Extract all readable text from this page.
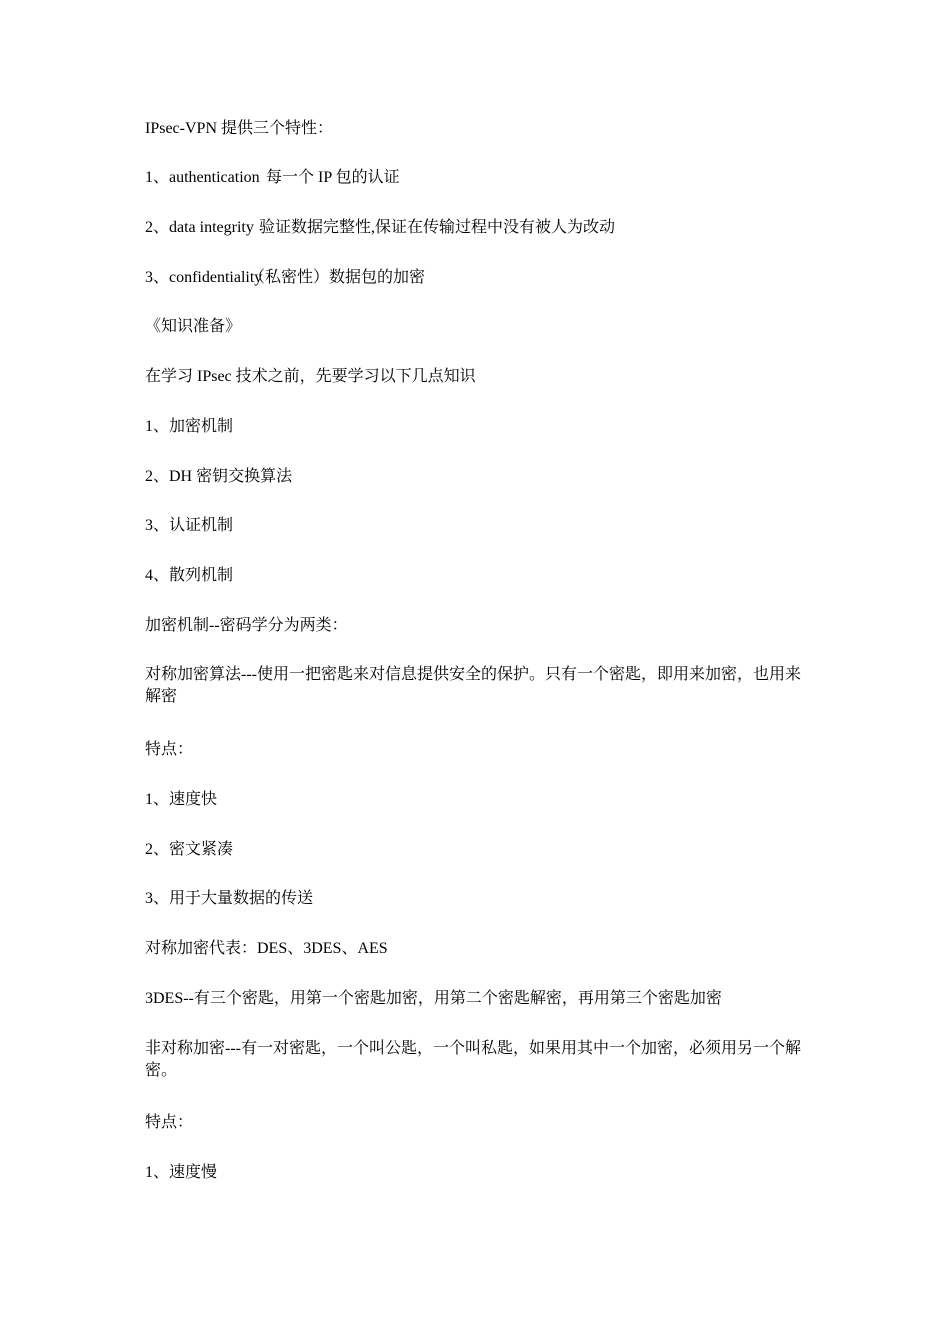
IPsec-VPN 提供三个特性：
1、authentication 每一个 IP 包的认证
2、data integrity 验证数据完整性,保证在传输过程中没有被人为改动
3、confidentiality（私密性）数据包的加密
《知识准备》
在学习 IPsec 技术之前，先要学习以下几点知识
1、加密机制
2、DH 密钥交换算法
3、认证机制
4、散列机制
加密机制--密码学分为两类：
对称加密算法---使用一把密匙来对信息提供安全的保护。只有一个密匙，即用来加密，也用来解密
特点：
1、速度快
2、密文紧凑
3、用于大量数据的传送
对称加密代表：DES、3DES、AES
3DES--有三个密匙，用第一个密匙加密，用第二个密匙解密，再用第三个密匙加密
非对称加密---有一对密匙，一个叫公匙，一个叫私匙，如果用其中一个加密，必须用另一个解密。
特点：
1、速度慢
